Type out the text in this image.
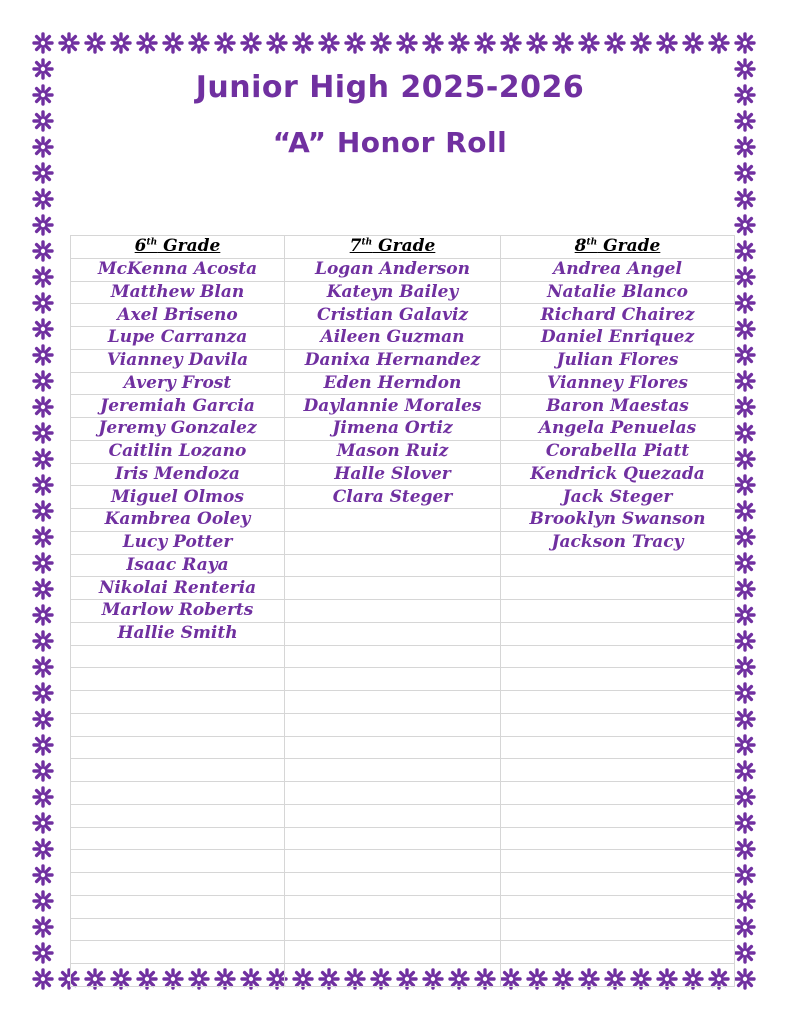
Junior High 2025-2026
“A” Honor Roll
6th Grade	7th Grade	8th Grade
McKenna Acosta	Logan Anderson	Andrea Angel
Matthew Blan	Kateyn Bailey	Natalie Blanco
Axel Briseno	Cristian Galaviz	Richard Chairez
Lupe Carranza	Aileen Guzman	Daniel Enriquez
Vianney Davila	Danixa Hernandez	Julian Flores
Avery Frost	Eden Herndon	Vianney Flores
Jeremiah Garcia	Daylannie Morales	Baron Maestas
Jeremy Gonzalez	Jimena Ortiz	Angela Penuelas
Caitlin Lozano	Mason Ruiz	Corabella Piatt
Iris Mendoza	Halle Slover	Kendrick Quezada
Miguel Olmos	Clara Steger	Jack Steger
Kambrea Ooley		Brooklyn Swanson
Lucy Potter		Jackson Tracy
Isaac Raya		
Nikolai Renteria		
Marlow Roberts		
Hallie Smith		
